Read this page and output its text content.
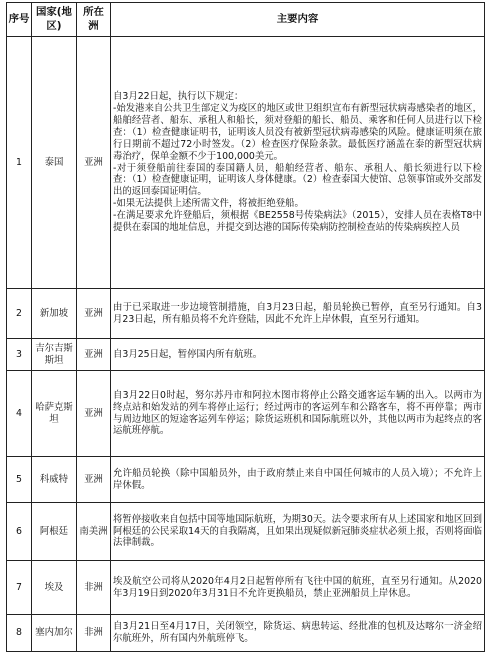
序号	国家(地区)	所在洲	主要内容
1	泰国	亚洲	自3月22日起，执行以下规定：
-始发港来自公共卫生部定义为疫区的地区或世卫组织宣布有新型冠状病毒感染者的地区，船舶经营者、船东、承租人和船长，须对登船的船长、船员、乘客和任何人员进行以下检查：（1）检查健康证明书，证明该人员没有被新型冠状病毒感染的风险。健康证明须在旅行日期前不超过72小时签发。（2）检查医疗保险条款。最低医疗涵盖在泰的新型冠状病毒治疗，保单金额不少于100,000美元。
-对于须登船前往泰国的泰国籍人员，船舶经营者、船东、承租人、船长须进行以下检查：（1）检查健康证明，证明该人身体健康。（2）检查泰国大使馆、总领事馆或外交部发出的返回泰国证明信。
-如果无法提供上述所需文件，将被拒绝登船。
-在满足要求允许登船后，须根据《BE2558号传染病法》（2015），安排人员在表格T8中提供在泰国的地址信息，并提交到达港的国际传染病防控制检查站的传染病疾控人员

2	新加坡	亚洲	由于已采取进一步边境管制措施，自3月23日起，船员轮换已暂停，直至另行通知。自3月23日起，所有船员将不允许登陆，因此不允许上岸休假，直至另行通知。

3	吉尔吉斯斯坦	亚洲	自3月25日起，暂停国内所有航班。

4	哈萨克斯坦	亚洲	自3月22日0时起，努尔苏丹市和阿拉木图市将停止公路交通客运车辆的出入。以两市为终点站和始发站的列车将停止运行；经过两市的客运列车和公路客车，将不再停靠；两市与周边地区的短途客运列车停运；除货运班机和国际航班以外，其他以两市为起终点的客运航班停航。

5	科威特	亚洲	允许船员轮换（除中国船员外，由于政府禁止来自中国任何城市的人员入境）；不允许上岸休假。

6	阿根廷	南美洲	将暂停接收来自包括中国等地国际航班，为期30天。法令要求所有从上述国家和地区回到阿根廷的公民采取14天的自我隔离，且如果出现疑似新冠肺炎症状必须上报，否则将面临法律制裁。

7	埃及	非洲	埃及航空公司将从2020年4月2日起暂停所有飞往中国的航班，直至另行通知。从2020年3月19日到2020年3月31日不允许更换船员，禁止亚洲船员上岸休息。

8	塞内加尔	非洲	自3月21日至4月17日，关闭领空，除货运、病患转运、经批准的包机及达喀尔一济金绍尔航班外，所有国内外航班停飞。
